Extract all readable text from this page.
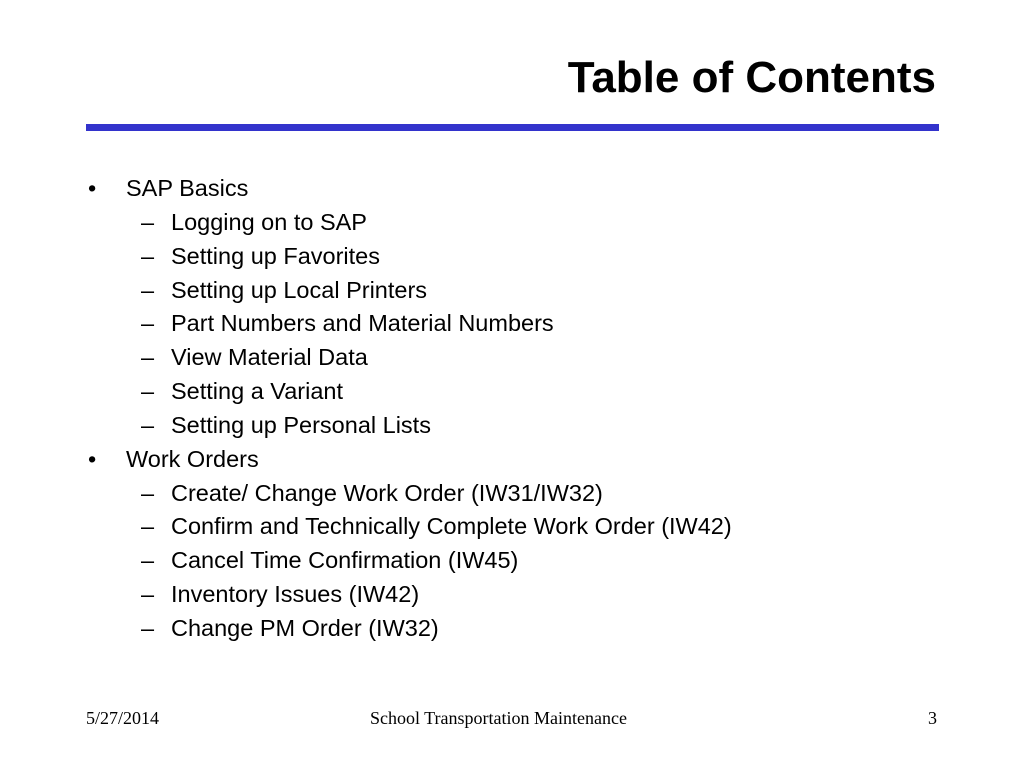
Table of Contents
• SAP Basics
– Logging on to SAP
– Setting up Favorites
– Setting up Local Printers
– Part Numbers and Material Numbers
– View Material Data
– Setting a Variant
– Setting up Personal Lists
• Work Orders
– Create/ Change Work Order (IW31/IW32)
– Confirm and Technically Complete Work Order (IW42)
– Cancel Time Confirmation (IW45)
– Inventory Issues (IW42)
– Change PM Order (IW32)
5/27/2014	School Transportation Maintenance	3
